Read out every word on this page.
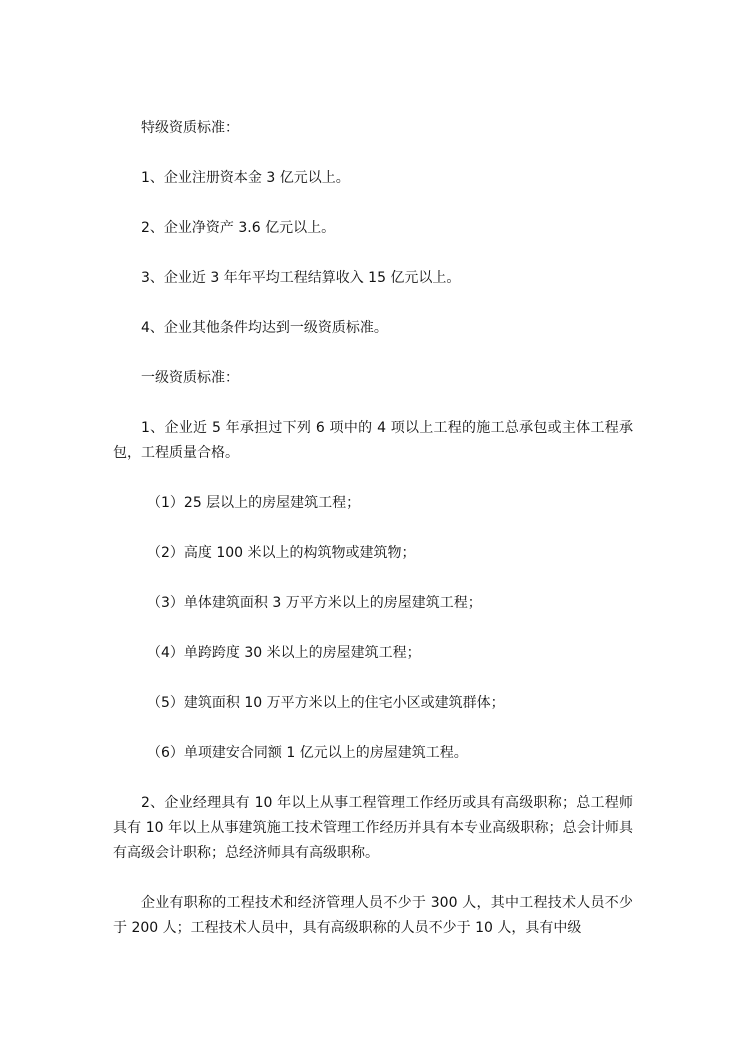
特级资质标准：

1、企业注册资本金 3 亿元以上。

2、企业净资产 3.6 亿元以上。

3、企业近 3 年年平均工程结算收入 15 亿元以上。

4、企业其他条件均达到一级资质标准。

一级资质标准：

1、企业近 5 年承担过下列 6 项中的 4 项以上工程的施工总承包或主体工程承包，工程质量合格。

（1）25 层以上的房屋建筑工程；

（2）高度 100 米以上的构筑物或建筑物；

（3）单体建筑面积 3 万平方米以上的房屋建筑工程；

（4）单跨跨度 30 米以上的房屋建筑工程；

（5）建筑面积 10 万平方米以上的住宅小区或建筑群体；

（6）单项建安合同额 1 亿元以上的房屋建筑工程。

2、企业经理具有 10 年以上从事工程管理工作经历或具有高级职称；总工程师具有 10 年以上从事建筑施工技术管理工作经历并具有本专业高级职称；总会计师具有高级会计职称；总经济师具有高级职称。

企业有职称的工程技术和经济管理人员不少于 300 人，其中工程技术人员不少于 200 人；工程技术人员中，具有高级职称的人员不少于 10 人，具有中级
